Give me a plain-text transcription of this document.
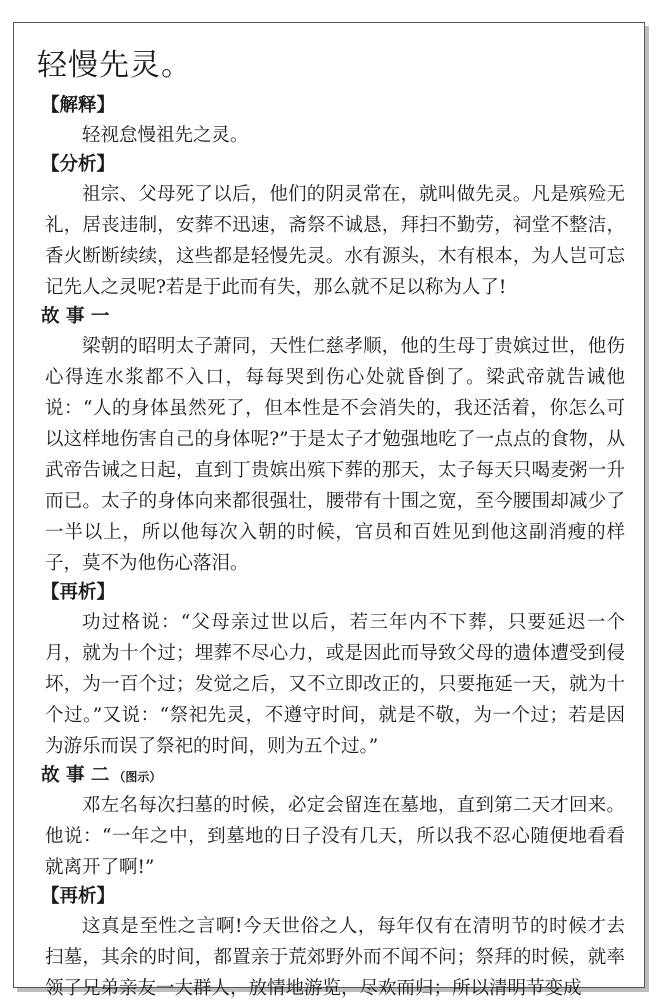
轻慢先灵。
【解释】

轻视怠慢祖先之灵。

【分析】

祖宗、父母死了以后，他们的阴灵常在，就叫做先灵。凡是殡殓无礼，居丧违制，安葬不迅速，斋祭不诚恳，拜扫不勤劳，祠堂不整洁，香火断断续续，这些都是轻慢先灵。水有源头，木有根本，为人岂可忘记先人之灵呢?若是于此而有失，那么就不足以称为人了!

故 事 一

梁朝的昭明太子萧同，天性仁慈孝顺，他的生母丁贵嫔过世，他伤心得连水浆都不入口，每每哭到伤心处就昏倒了。梁武帝就告诫他说：“人的身体虽然死了，但本性是不会消失的，我还活着，你怎么可以这样地伤害自己的身体呢?”于是太子才勉强地吃了一点点的食物，从武帝告诫之日起，直到丁贵嫔出殡下葬的那天，太子每天只喝麦粥一升而已。太子的身体向来都很强壮，腰带有十围之宽，至今腰围却减少了一半以上，所以他每次入朝的时候，官员和百姓见到他这副消瘦的样子，莫不为他伤心落泪。

【再析】

功过格说：“父母亲过世以后，若三年内不下葬，只要延迟一个月，就为十个过；埋葬不尽心力，或是因此而导致父母的遗体遭受到侵坏，为一百个过；发觉之后，又不立即改正的，只要拖延一天，就为十个过。”又说：“祭祀先灵，不遵守时间，就是不敬，为一个过；若是因为游乐而误了祭祀的时间，则为五个过。”

故 事 二 （图示）

邓左名每次扫墓的时候，必定会留连在墓地，直到第二天才回来。他说：“一年之中，到墓地的日子没有几天，所以我不忍心随便地看看就离开了啊!”

【再析】

这真是至性之言啊!今天世俗之人，每年仅有在清明节的时候才去扫墓，其余的时间，都置亲于荒郊野外而不闻不问；祭拜的时候，就率领了兄弟亲友一大群人，放情地游览，尽欢而归；所以清明节变成
